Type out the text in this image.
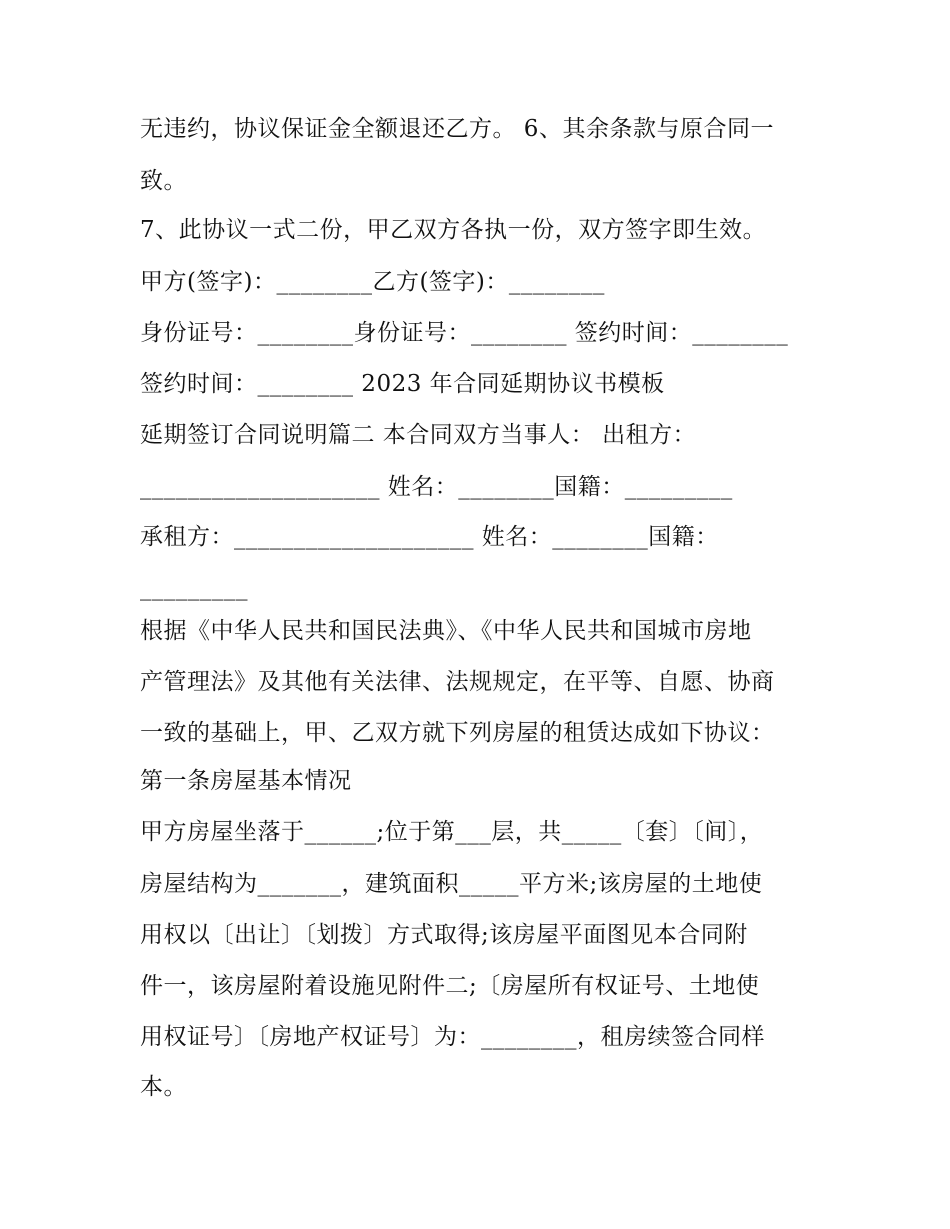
无违约，协议保证金全额退还乙方。 6、其余条款与原合同一

致。

7、此协议一式二份，甲乙双方各执一份，双方签字即生效。

甲方(签字)：________乙方(签字)：________

身份证号：________身份证号：________ 签约时间：________

签约时间：________ 2023 年合同延期协议书模板

延期签订合同说明篇二 本合同双方当事人： 出租方：

____________________ 姓名：________国籍：_________

承租方：____________________ 姓名：________国籍：

_________

根据《中华人民共和国民法典》、《中华人民共和国城市房地

产管理法》及其他有关法律、法规规定，在平等、自愿、协商

一致的基础上，甲、乙双方就下列房屋的租赁达成如下协议：

第一条房屋基本情况

甲方房屋坐落于______;位于第___层，共_____〔套〕〔间〕，

房屋结构为_______，建筑面积_____平方米;该房屋的土地使

用权以〔出让〕〔划拨〕方式取得;该房屋平面图见本合同附

件一，该房屋附着设施见附件二;〔房屋所有权证号、土地使

用权证号〕〔房地产权证号〕为：________，租房续签合同样

本。
